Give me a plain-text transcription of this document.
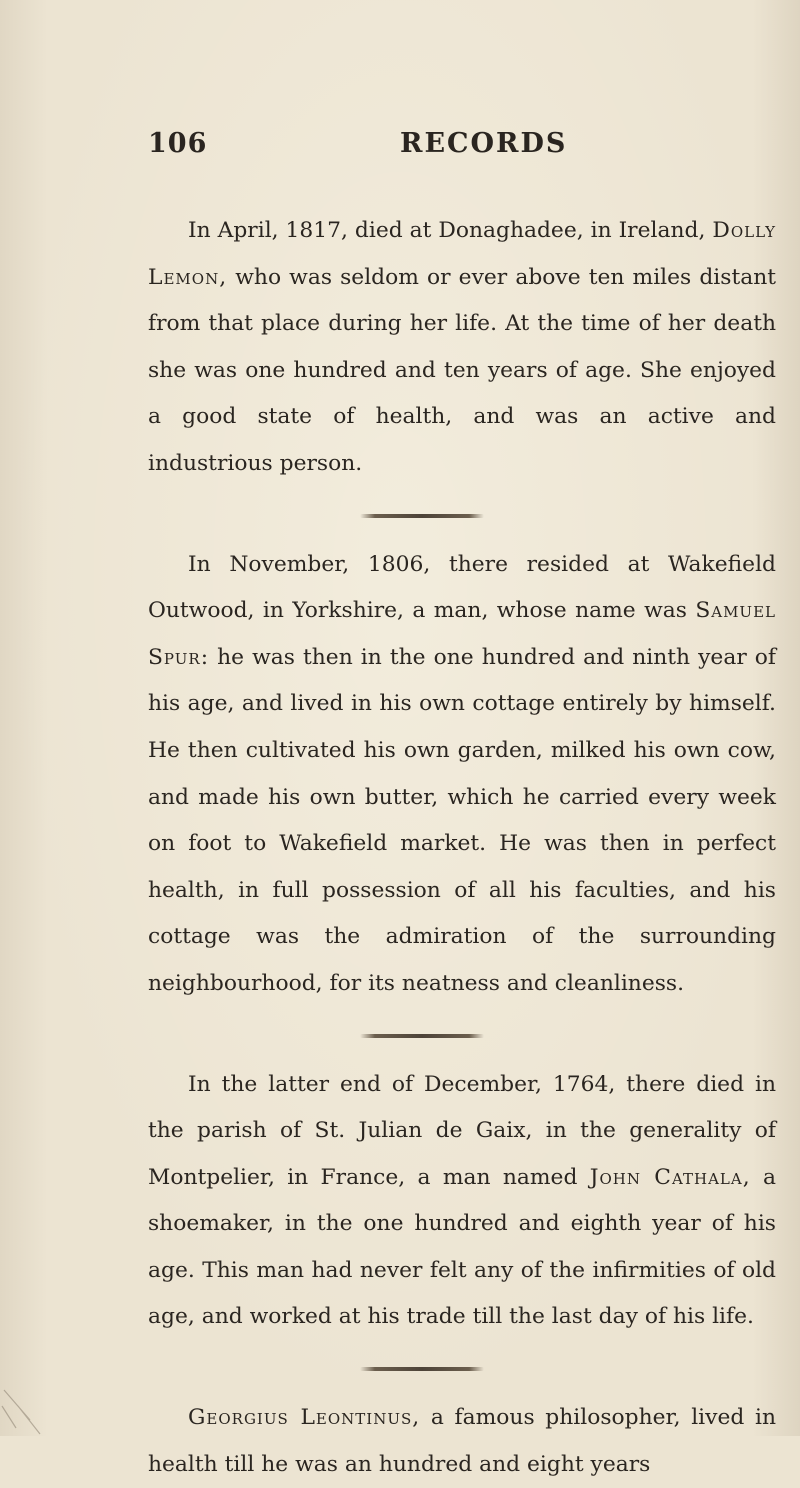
106	RECORDS

In April, 1817, died at Donaghadee, in Ireland, Dolly Lemon, who was seldom or ever above ten miles distant from that place during her life. At the time of her death she was one hundred and ten years of age. She enjoyed a good state of health, and was an active and industrious person.

In November, 1806, there resided at Wakefield Outwood, in Yorkshire, a man, whose name was Samuel Spur: he was then in the one hundred and ninth year of his age, and lived in his own cottage entirely by himself. He then cultivated his own garden, milked his own cow, and made his own butter, which he carried every week on foot to Wakefield market. He was then in perfect health, in full possession of all his faculties, and his cottage was the admiration of the surrounding neighbourhood, for its neatness and cleanliness.

In the latter end of December, 1764, there died in the parish of St. Julian de Gaix, in the generality of Montpelier, in France, a man named John Cathala, a shoemaker, in the one hundred and eighth year of his age. This man had never felt any of the infirmities of old age, and worked at his trade till the last day of his life.

Georgius Leontinus, a famous philosopher, lived in health till he was an hundred and eight years
